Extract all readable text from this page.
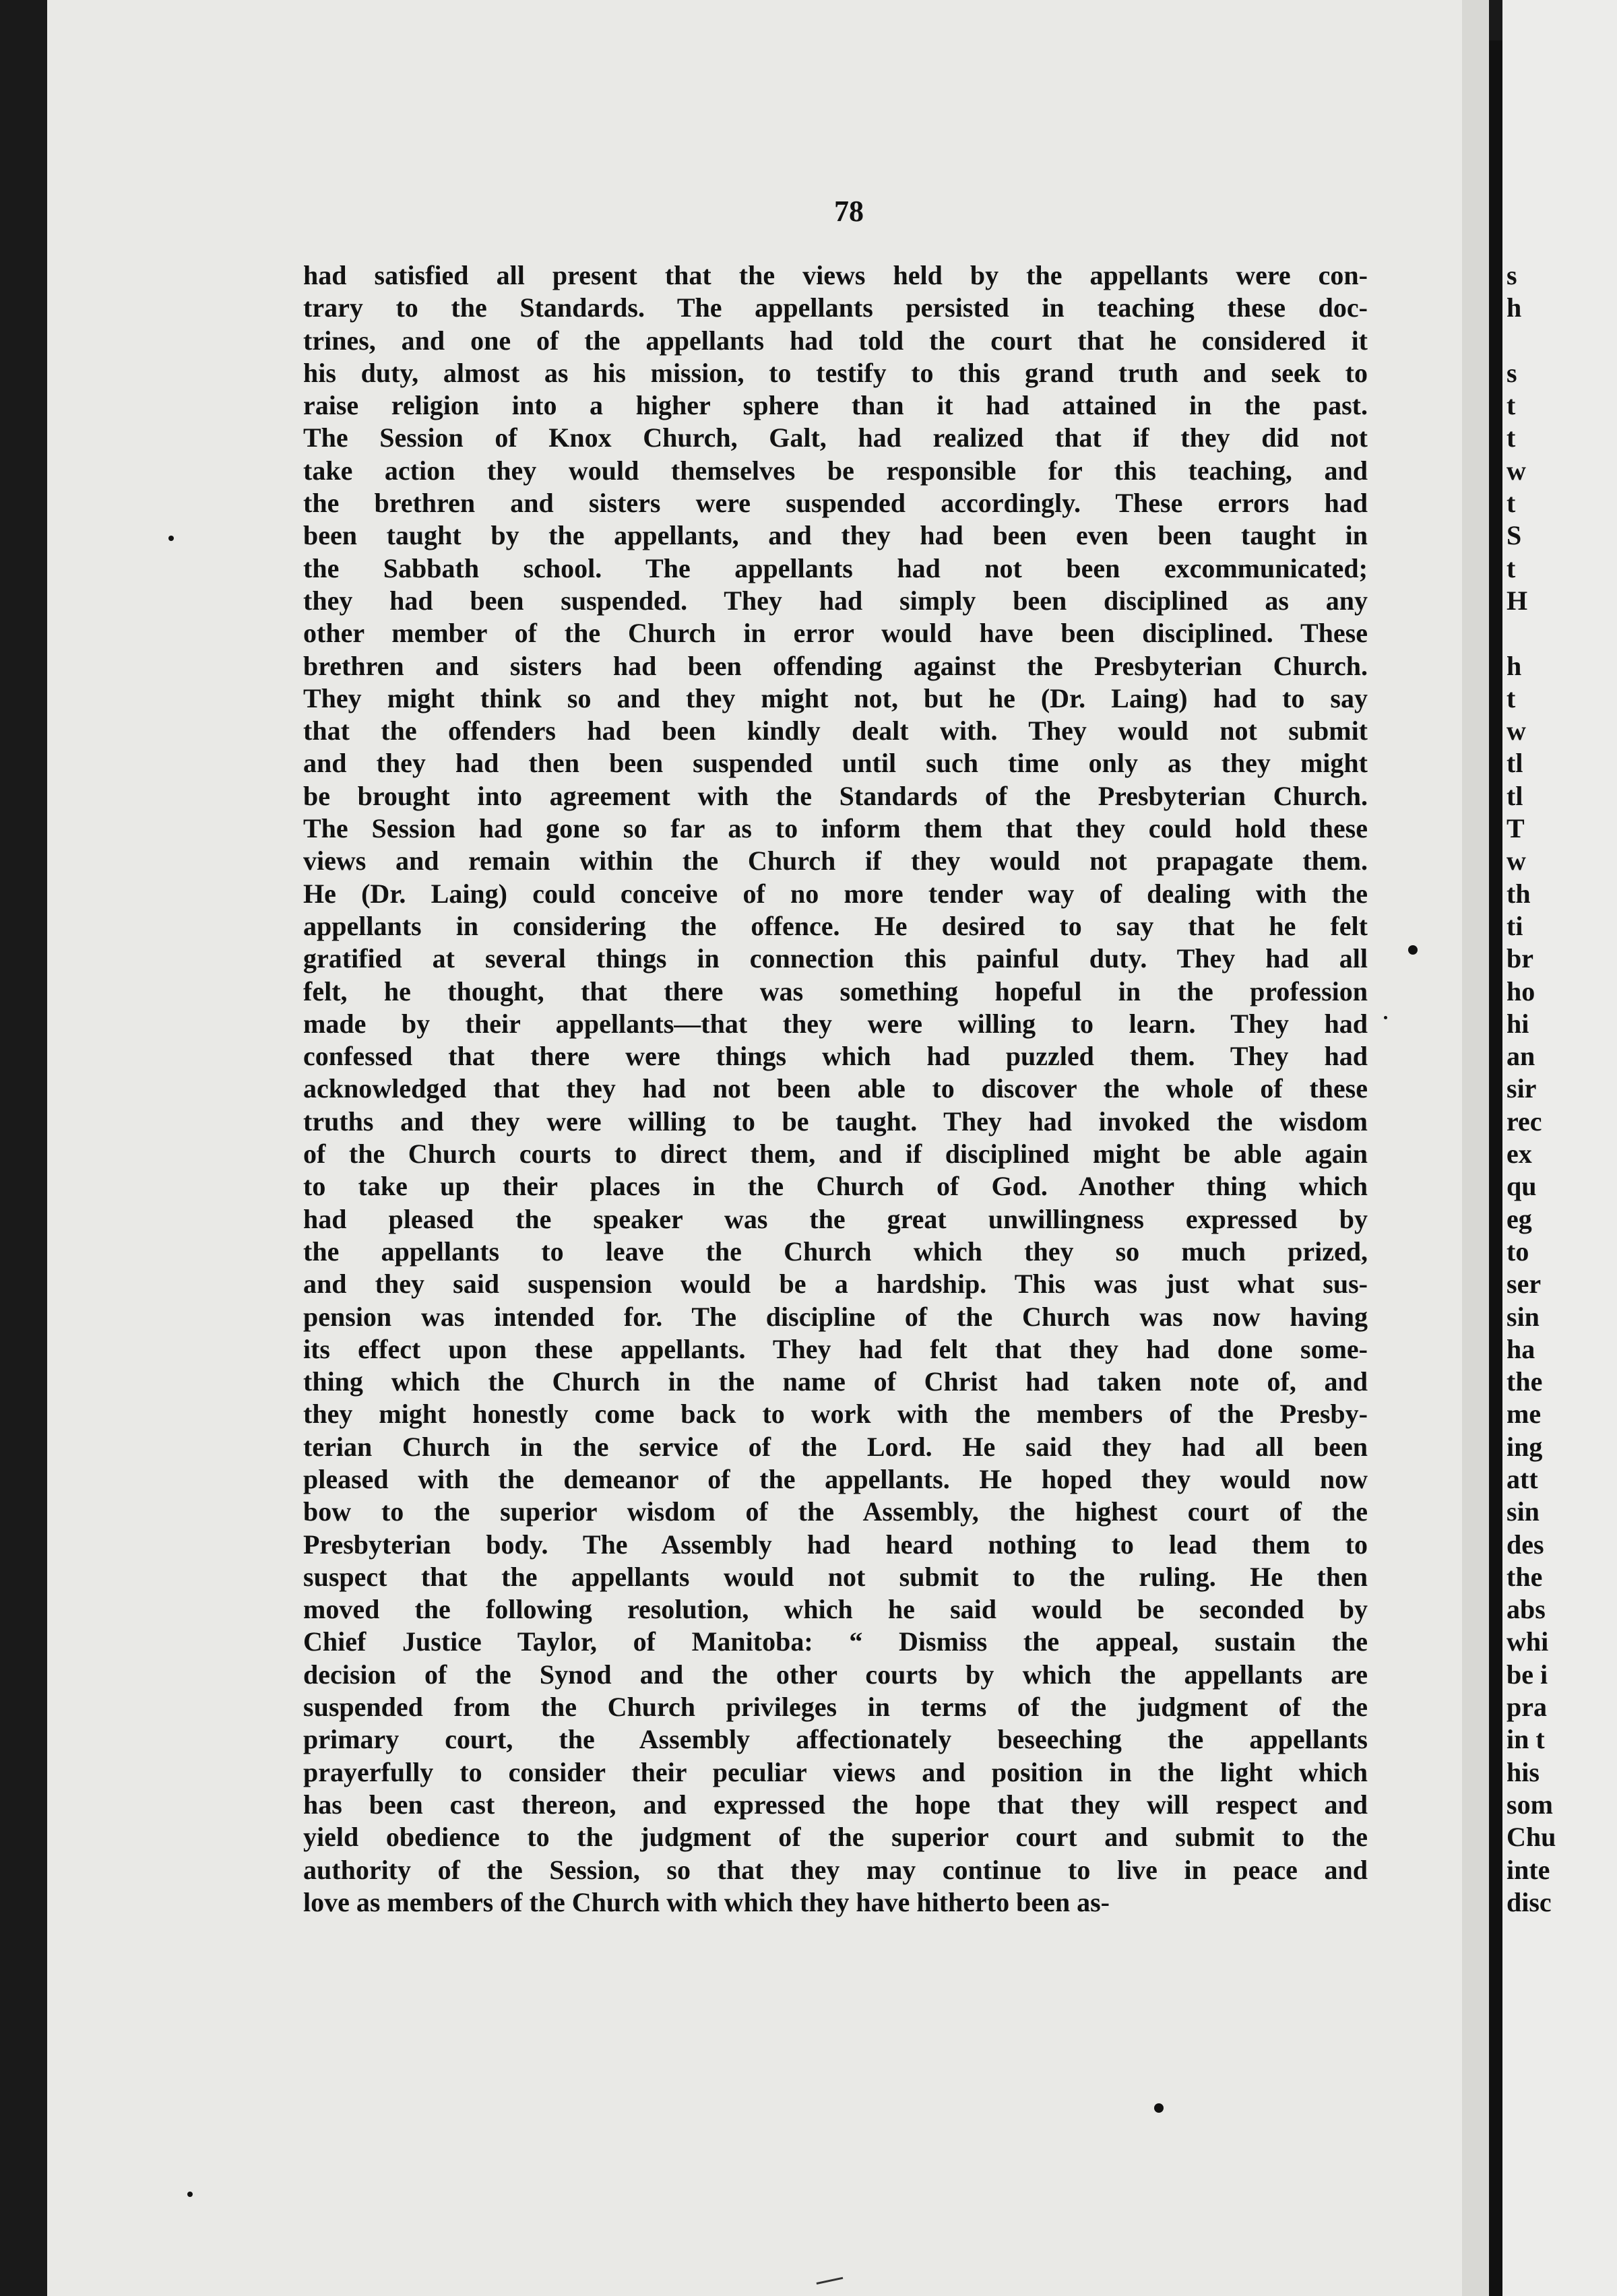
78
had satisfied all present that the views held by the appellants were con-
trary to the Standards. The appellants persisted in teaching these doc-
trines, and one of the appellants had told the court that he considered it
his duty, almost as his mission, to testify to this grand truth and seek to
raise religion into a higher sphere than it had attained in the past.
The Session of Knox Church, Galt, had realized that if they did not
take action they would themselves be responsible for this teaching, and
the brethren and sisters were suspended accordingly. These errors had
been taught by the appellants, and they had been even been taught in
the Sabbath school. The appellants had not been excommunicated;
they had been suspended. They had simply been disciplined as any
other member of the Church in error would have been disciplined. These
brethren and sisters had been offending against the Presbyterian Church.
They might think so and they might not, but he (Dr. Laing) had to say
that the offenders had been kindly dealt with. They would not submit
and they had then been suspended until such time only as they might
be brought into agreement with the Standards of the Presbyterian Church.
The Session had gone so far as to inform them that they could hold these
views and remain within the Church if they would not prapagate them.
He (Dr. Laing) could conceive of no more tender way of dealing with the
appellants in considering the offence. He desired to say that he felt
gratified at several things in connection this painful duty. They had all
felt, he thought, that there was something hopeful in the profession
made by their appellants—that they were willing to learn. They had
confessed that there were things which had puzzled them. They had
acknowledged that they had not been able to discover the whole of these
truths and they were willing to be taught. They had invoked the wisdom
of the Church courts to direct them, and if disciplined might be able again
to take up their places in the Church of God. Another thing which
had pleased the speaker was the great unwillingness expressed by
the appellants to leave the Church which they so much prized,
and they said suspension would be a hardship. This was just what sus-
pension was intended for. The discipline of the Church was now having
its effect upon these appellants. They had felt that they had done some-
thing which the Church in the name of Christ had taken note of, and
they might honestly come back to work with the members of the Presby-
terian Church in the service of the Lord. He said they had all been
pleased with the demeanor of the appellants. He hoped they would now
bow to the superior wisdom of the Assembly, the highest court of the
Presbyterian body. The Assembly had heard nothing to lead them to
suspect that the appellants would not submit to the ruling. He then
moved the following resolution, which he said would be seconded by
Chief Justice Taylor, of Manitoba: “ Dismiss the appeal, sustain the
decision of the Synod and the other courts by which the appellants are
suspended from the Church privileges in terms of the judgment of the
primary court, the Assembly affectionately beseeching the appellants
prayerfully to consider their peculiar views and position in the light which
has been cast thereon, and expressed the hope that they will respect and
yield obedience to the judgment of the superior court and submit to the
authority of the Session, so that they may continue to live in peace and
love as members of the Church with which they have hitherto been as-
s
h
s
t
t
w
t
S
t
H
h
t
w
tl
tl
T
w
th
ti
br
ho
hi
an
sir
rec
ex
qu
eg
to
ser
sin
ha
the
me
ing
att
sin
des
the
abs
whi
be i
pra
in t
his
som
Chu
inte
disc
